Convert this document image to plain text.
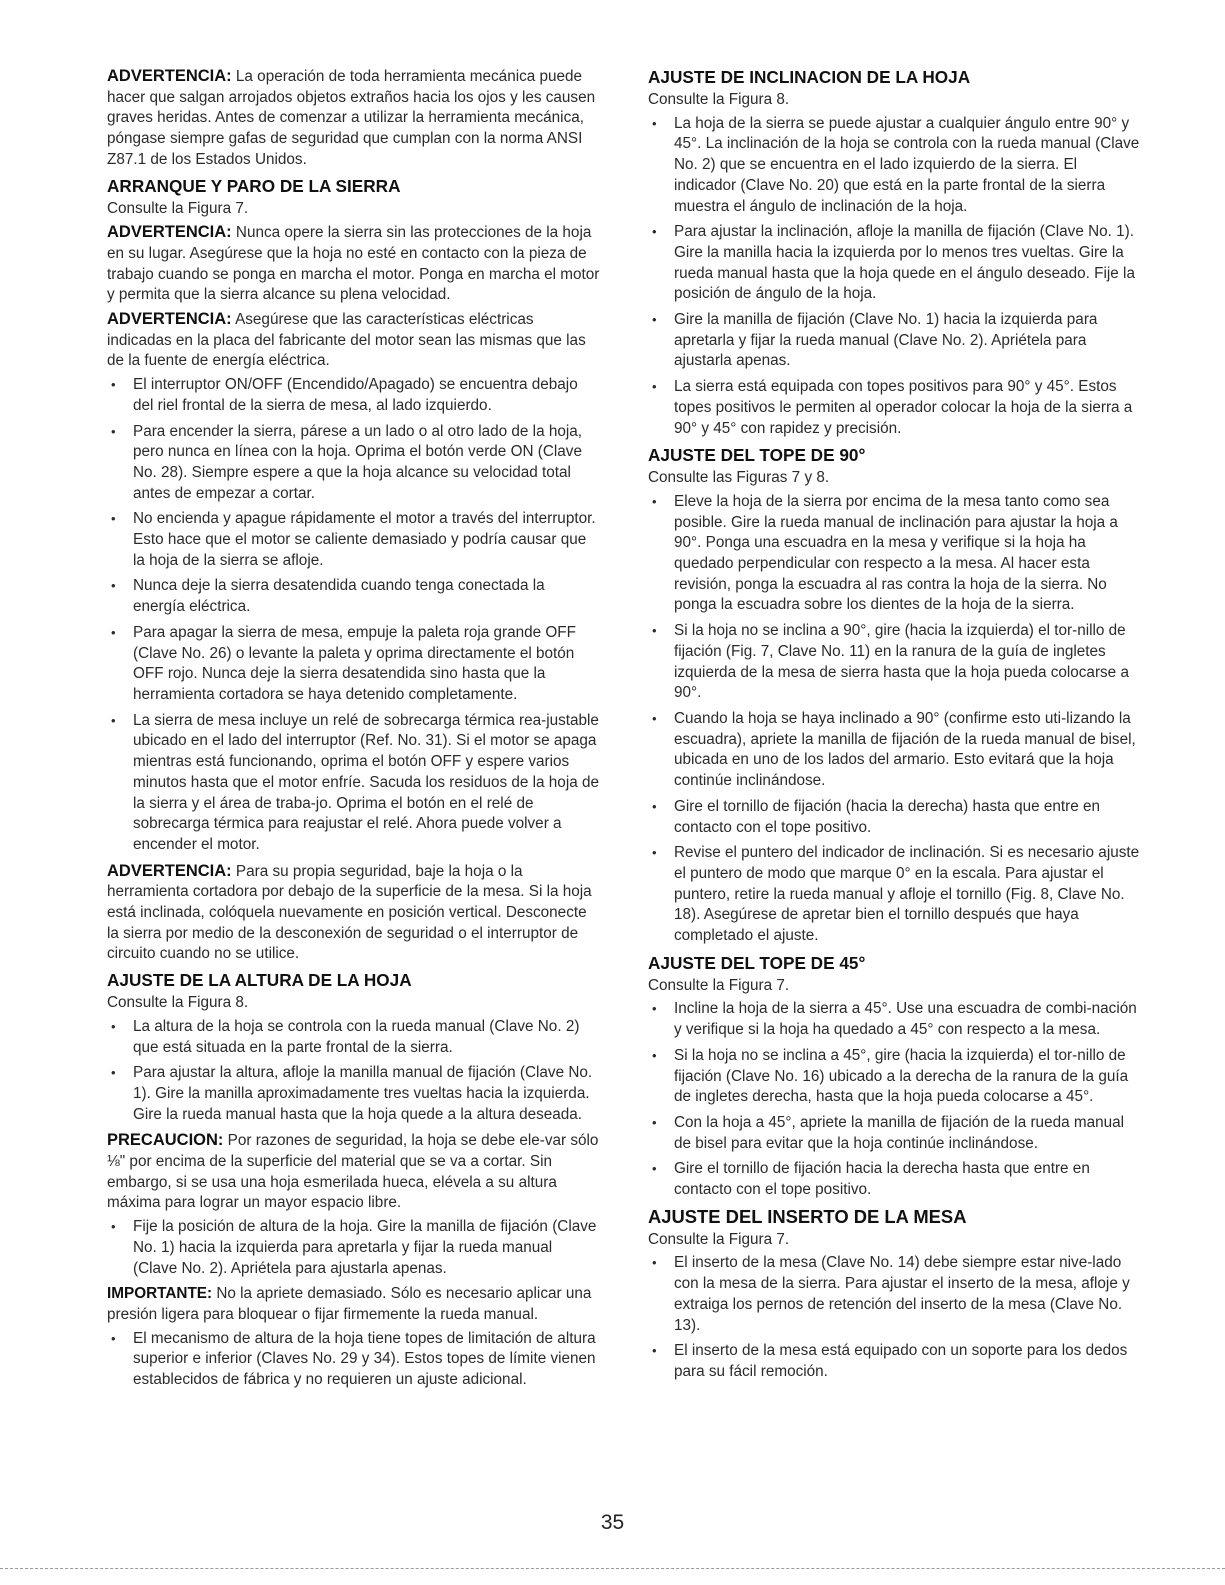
ADVERTENCIA: La operación de toda herramienta mecánica puede hacer que salgan arrojados objetos extraños hacia los ojos y les causen graves heridas. Antes de comenzar a utilizar la herramienta mecánica, póngase siempre gafas de seguridad que cumplan con la norma ANSI Z87.1 de los Estados Unidos.

ARRANQUE Y PARO DE LA SIERRA

Consulte la Figura 7.

ADVERTENCIA: Nunca opere la sierra sin las protecciones de la hoja en su lugar. Asegúrese que la hoja no esté en contacto con la pieza de trabajo cuando se ponga en marcha el motor. Ponga en marcha el motor y permita que la sierra alcance su plena velocidad.

ADVERTENCIA: Asegúrese que las características eléctricas indicadas en la placa del fabricante del motor sean las mismas que las de la fuente de energía eléctrica.

• El interruptor ON/OFF (Encendido/Apagado) se encuentra debajo del riel frontal de la sierra de mesa, al lado izquierdo.
• Para encender la sierra, párese a un lado o al otro lado de la hoja, pero nunca en línea con la hoja. Oprima el botón verde ON (Clave No. 28). Siempre espere a que la hoja alcance su velocidad total antes de empezar a cortar.
• No encienda y apague rápidamente el motor a través del interruptor. Esto hace que el motor se caliente demasiado y podría causar que la hoja de la sierra se afloje.
• Nunca deje la sierra desatendida cuando tenga conectada la energía eléctrica.
• Para apagar la sierra de mesa, empuje la paleta roja grande OFF (Clave No. 26) o levante la paleta y oprima directamente el botón OFF rojo. Nunca deje la sierra desatendida sino hasta que la herramienta cortadora se haya detenido completamente.
• La sierra de mesa incluye un relé de sobrecarga térmica rea-justable ubicado en el lado del interruptor (Ref. No. 31). Si el motor se apaga mientras está funcionando, oprima el botón OFF y espere varios minutos hasta que el motor enfríe. Sacuda los residuos de la hoja de la sierra y el área de traba-jo. Oprima el botón en el relé de sobrecarga térmica para reajustar el relé. Ahora puede volver a encender el motor.

ADVERTENCIA: Para su propia seguridad, baje la hoja o la herramienta cortadora por debajo de la superficie de la mesa. Si la hoja está inclinada, colóquela nuevamente en posición vertical. Desconecte la sierra por medio de la desconexión de seguridad o el interruptor de circuito cuando no se utilice.

AJUSTE DE LA ALTURA DE LA HOJA

Consulte la Figura 8.

• La altura de la hoja se controla con la rueda manual (Clave No. 2) que está situada en la parte frontal de la sierra.
• Para ajustar la altura, afloje la manilla manual de fijación (Clave No. 1). Gire la manilla aproximadamente tres vueltas hacia la izquierda. Gire la rueda manual hasta que la hoja quede a la altura deseada.

PRECAUCION: Por razones de seguridad, la hoja se debe ele-var sólo ⅛" por encima de la superficie del material que se va a cortar. Sin embargo, si se usa una hoja esmerilada hueca, elévela a su altura máxima para lograr un mayor espacio libre.

• Fije la posición de altura de la hoja. Gire la manilla de fijación (Clave No. 1) hacia la izquierda para apretarla y fijar la rueda manual (Clave No. 2). Apriétela para ajustarla apenas.

IMPORTANTE: No la apriete demasiado. Sólo es necesario aplicar una presión ligera para bloquear o fijar firmemente la rueda manual.

• El mecanismo de altura de la hoja tiene topes de limitación de altura superior e inferior (Claves No. 29 y 34). Estos topes de límite vienen establecidos de fábrica y no requieren un ajuste adicional.
AJUSTE DE INCLINACION DE LA HOJA

Consulte la Figura 8.

• La hoja de la sierra se puede ajustar a cualquier ángulo entre 90° y 45°. La inclinación de la hoja se controla con la rueda manual (Clave No. 2) que se encuentra en el lado izquierdo de la sierra. El indicador (Clave No. 20) que está en la parte frontal de la sierra muestra el ángulo de inclinación de la hoja.
• Para ajustar la inclinación, afloje la manilla de fijación (Clave No. 1). Gire la manilla hacia la izquierda por lo menos tres vueltas. Gire la rueda manual hasta que la hoja quede en el ángulo deseado. Fije la posición de ángulo de la hoja.
• Gire la manilla de fijación (Clave No. 1) hacia la izquierda para apretarla y fijar la rueda manual (Clave No. 2). Apriétela para ajustarla apenas.
• La sierra está equipada con topes positivos para 90° y 45°. Estos topes positivos le permiten al operador colocar la hoja de la sierra a 90° y 45° con rapidez y precisión.
AJUSTE DEL TOPE DE 90°

Consulte las Figuras 7 y 8.

• Eleve la hoja de la sierra por encima de la mesa tanto como sea posible. Gire la rueda manual de inclinación para ajustar la hoja a 90°. Ponga una escuadra en la mesa y verifique si la hoja ha quedado perpendicular con respecto a la mesa. Al hacer esta revisión, ponga la escuadra al ras contra la hoja de la sierra. No ponga la escuadra sobre los dientes de la hoja de la sierra.
• Si la hoja no se inclina a 90°, gire (hacia la izquierda) el tor-nillo de fijación (Fig. 7, Clave No. 11) en la ranura de la guía de ingletes izquierda de la mesa de sierra hasta que la hoja pueda colocarse a 90°.
• Cuando la hoja se haya inclinado a 90° (confirme esto uti-lizando la escuadra), apriete la manilla de fijación de la rueda manual de bisel, ubicada en uno de los lados del armario. Esto evitará que la hoja continúe inclinándose.
• Gire el tornillo de fijación (hacia la derecha) hasta que entre en contacto con el tope positivo.
• Revise el puntero del indicador de inclinación. Si es necesario ajuste el puntero de modo que marque 0° en la escala. Para ajustar el puntero, retire la rueda manual y afloje el tornillo (Fig. 8, Clave No. 18). Asegúrese de apretar bien el tornillo después que haya completado el ajuste.
AJUSTE DEL TOPE DE 45°

Consulte la Figura 7.

• Incline la hoja de la sierra a 45°. Use una escuadra de combi-nación y verifique si la hoja ha quedado a 45° con respecto a la mesa.
• Si la hoja no se inclina a 45°, gire (hacia la izquierda) el tor-nillo de fijación (Clave No. 16) ubicado a la derecha de la ranura de la guía de ingletes derecha, hasta que la hoja pueda colocarse a 45°.
• Con la hoja a 45°, apriete la manilla de fijación de la rueda manual de bisel para evitar que la hoja continúe inclinándose.
• Gire el tornillo de fijación hacia la derecha hasta que entre en contacto con el tope positivo.
AJUSTE DEL INSERTO DE LA MESA

Consulte la Figura 7.

• El inserto de la mesa (Clave No. 14) debe siempre estar nive-lado con la mesa de la sierra. Para ajustar el inserto de la mesa, afloje y extraiga los pernos de retención del inserto de la mesa (Clave No. 13).
• El inserto de la mesa está equipado con un soporte para los dedos para su fácil remoción.
35
